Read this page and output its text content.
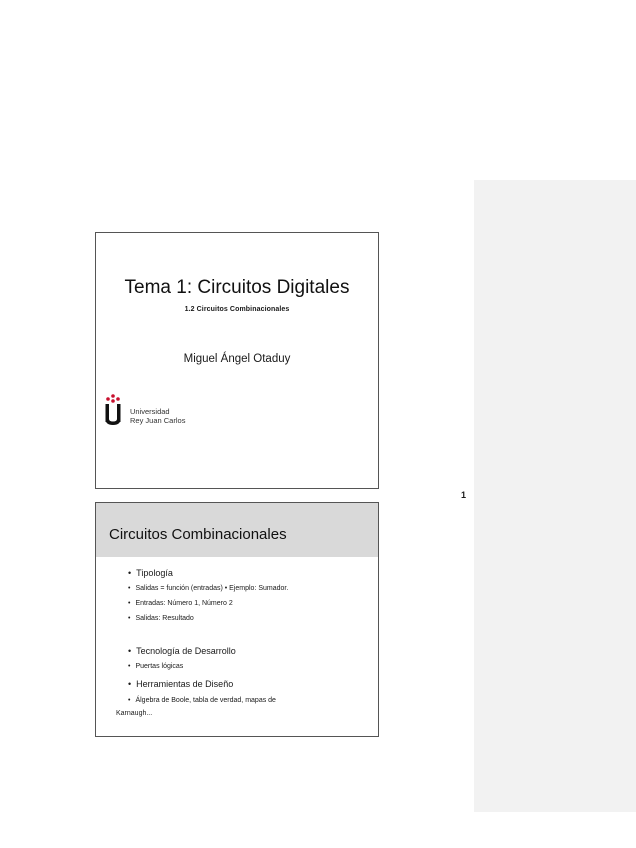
1
Tema 1: Circuitos Digitales
1.2 Circuitos Combinacionales
Miguel Ángel Otaduy
Universidad
Rey Juan Carlos
Circuitos Combinacionales
• Tipología
• Salidas = función (entradas) • Ejemplo: Sumador.
• Entradas: Número 1, Número 2
• Salidas: Resultado
• Tecnología de Desarrollo
• Puertas lógicas
• Herramientas de Diseño
• Álgebra de Boole, tabla de verdad, mapas de
Karnaugh...
